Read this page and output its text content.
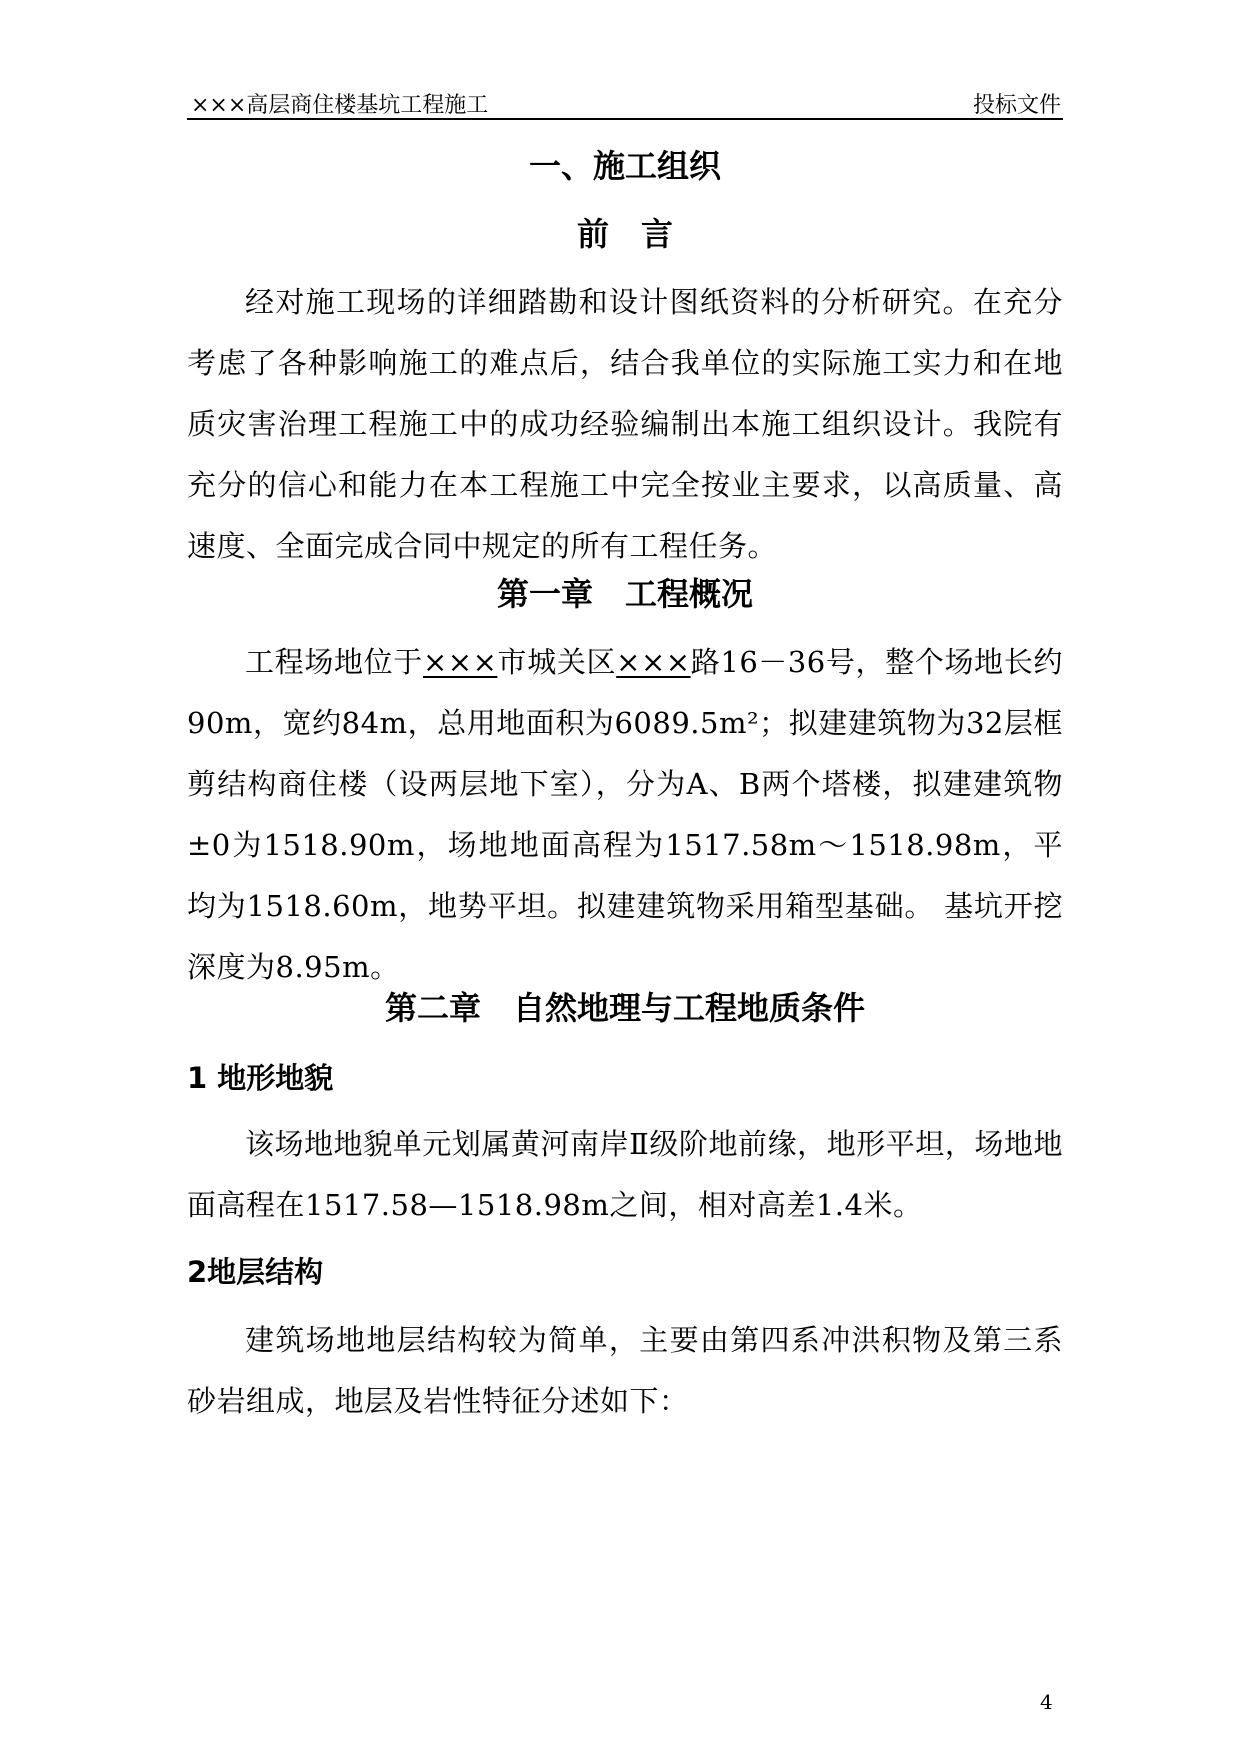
×××高层商住楼基坑工程施工	投标文件
一、施工组织
前　言

经对施工现场的详细踏勘和设计图纸资料的分析研究。在充分考虑了各种影响施工的难点后，结合我单位的实际施工实力和在地质灾害治理工程施工中的成功经验编制出本施工组织设计。我院有充分的信心和能力在本工程施工中完全按业主要求，以高质量、高速度、全面完成合同中规定的所有工程任务。

第一章　工程概况

工程场地位于×××市城关区×××路16－36号，整个场地长约90m，宽约84m，总用地面积为6089.5m²；拟建建筑物为32层框剪结构商住楼（设两层地下室），分为A、B两个塔楼，拟建建筑物±0为1518.90m，场地地面高程为1517.58m～1518.98m，平均为1518.60m，地势平坦。拟建建筑物采用箱型基础。 基坑开挖深度为8.95m。

第二章　自然地理与工程地质条件
1 地形地貌

该场地地貌单元划属黄河南岸Ⅱ级阶地前缘，地形平坦，场地地面高程在1517.58—1518.98m之间，相对高差1.4米。

2地层结构

建筑场地地层结构较为简单，主要由第四系冲洪积物及第三系砂岩组成，地层及岩性特征分述如下：

4
